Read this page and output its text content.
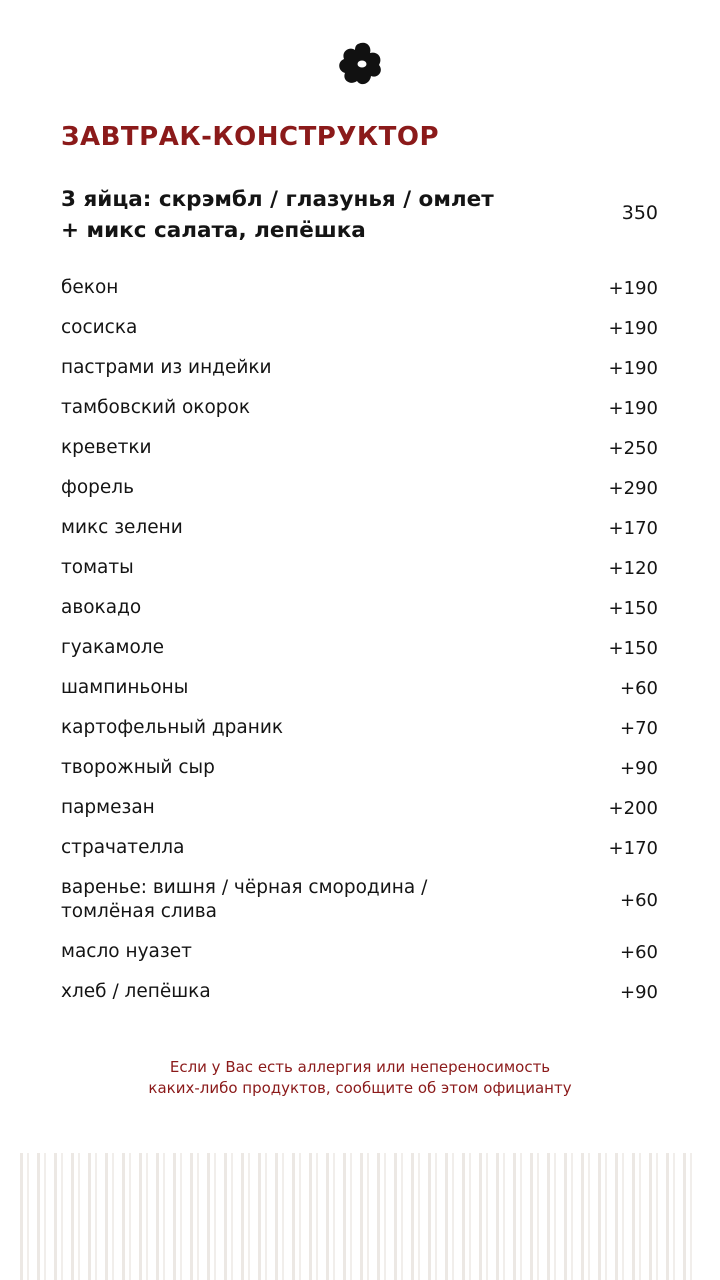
ЗАВТРАК-КОНСТРУКТОР
3 яйца: скрэмбл / глазунья / омлет
+ микс салата, лепёшка
350
бекон	+190
сосиска	+190
пастрами из индейки	+190
тамбовский окорок	+190
креветки	+250
форель	+290
микс зелени	+170
томаты	+120
авокадо	+150
гуакамоле	+150
шампиньоны	+60
картофельный драник	+70
творожный сыр	+90
пармезан	+200
страчателла	+170
варенье: вишня / чёрная смородина /
томлёная слива
+60
масло нуазет	+60
хлеб / лепёшка	+90
Если у Вас есть аллергия или непереносимость
каких-либо продуктов, сообщите об этом официанту
